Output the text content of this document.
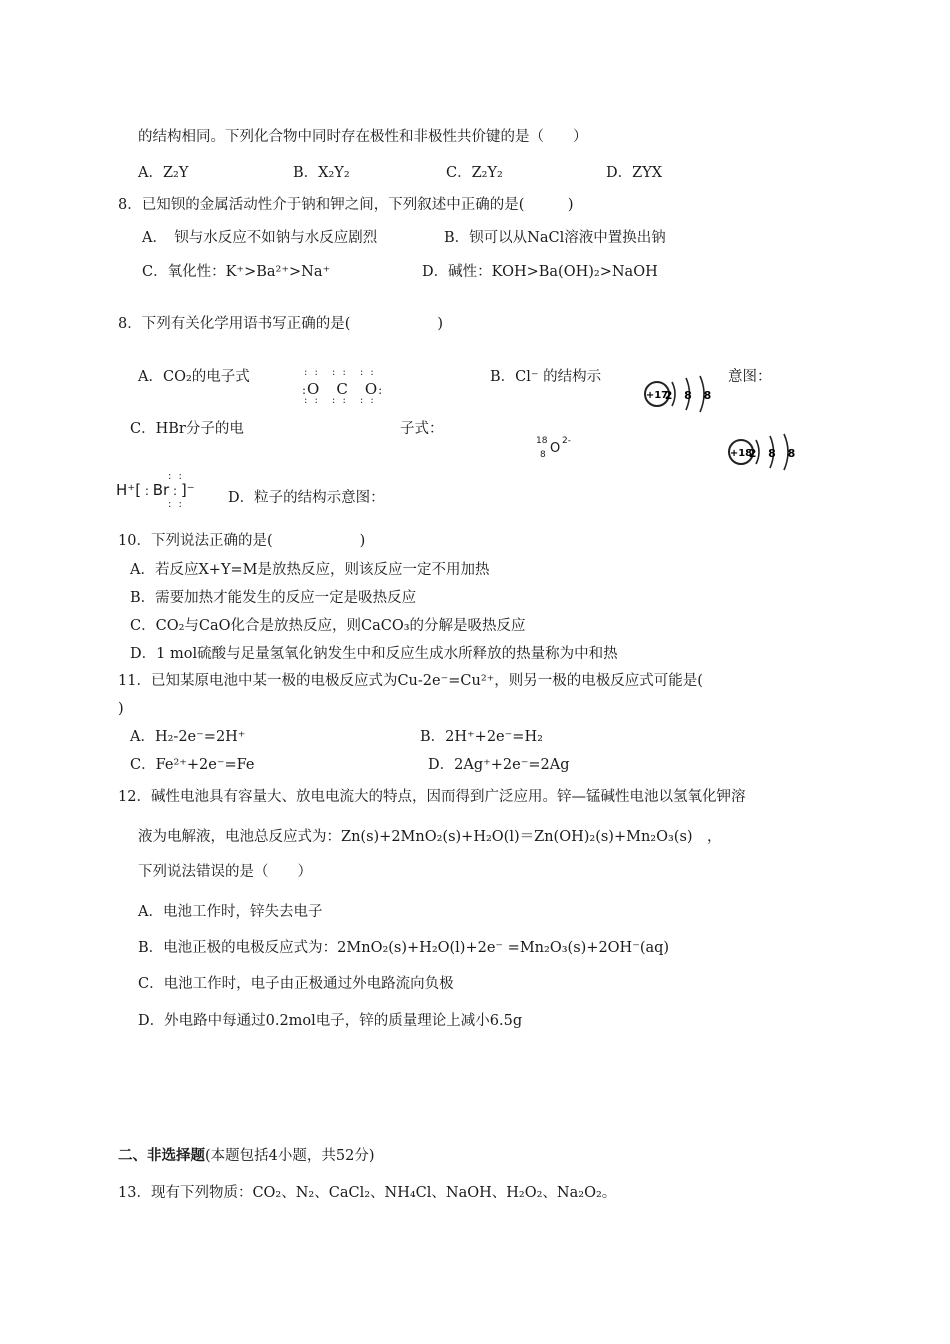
的结构相同。下列化合物中同时存在极性和非极性共价键的是（　　）
A．Z₂Y	B．X₂Y₂	C．Z₂Y₂	D．ZYX
8．已知钡的金属活动性介于钠和钾之间，下列叙述中正确的是(　　　)
A．　钡与水反应不如钠与水反应剧烈	B．钡可以从NaCl溶液中置换出钠
C．氧化性：K⁺>Ba²⁺>Na⁺	D．碱性：KOH>Ba(OH)₂>NaOH
8．下列有关化学用语书写正确的是(　　　　　　)
A．CO₂的电子式	: :　: :　: :
:O　C　O:
: :　: :　: :
B．Cl⁻ 的结构示
+17
2 8 8
意图：
C．HBr分子的电	子式：
18
8 O 2-
+18
2 8 8
: :
H⁺[ : Br : ]⁻
: :	D．粒子的结构示意图：
10．下列说法正确的是(　　　　　　)
A．若反应X+Y=M是放热反应，则该反应一定不用加热
B．需要加热才能发生的反应一定是吸热反应
C．CO₂与CaO化合是放热反应，则CaCO₃的分解是吸热反应
D．1 mol硫酸与足量氢氧化钠发生中和反应生成水所释放的热量称为中和热
11．已知某原电池中某一极的电极反应式为Cu-2e⁻=Cu²⁺，则另一极的电极反应式可能是(
)
A．H₂-2e⁻=2H⁺	B．2H⁺+2e⁻=H₂
C．Fe²⁺+2e⁻=Fe	D．2Ag⁺+2e⁻=2Ag
12．碱性电池具有容量大、放电电流大的特点，因而得到广泛应用。锌—锰碱性电池以氢氧化钾溶
液为电解液，电池总反应式为：Zn(s)+2MnO₂(s)+H₂O(l)＝Zn(OH)₂(s)+Mn₂O₃(s)　，
下列说法错误的是（　　）
A．电池工作时，锌失去电子
B．电池正极的电极反应式为：2MnO₂(s)+H₂O(l)+2e⁻ =Mn₂O₃(s)+2OH⁻(aq)
C．电池工作时，电子由正极通过外电路流向负极
D．外电路中每通过0.2mol电子，锌的质量理论上减小6.5g
二、非选择题(本题包括4小题，共52分)
13．现有下列物质：CO₂、N₂、CaCl₂、NH₄Cl、NaOH、H₂O₂、Na₂O₂。
